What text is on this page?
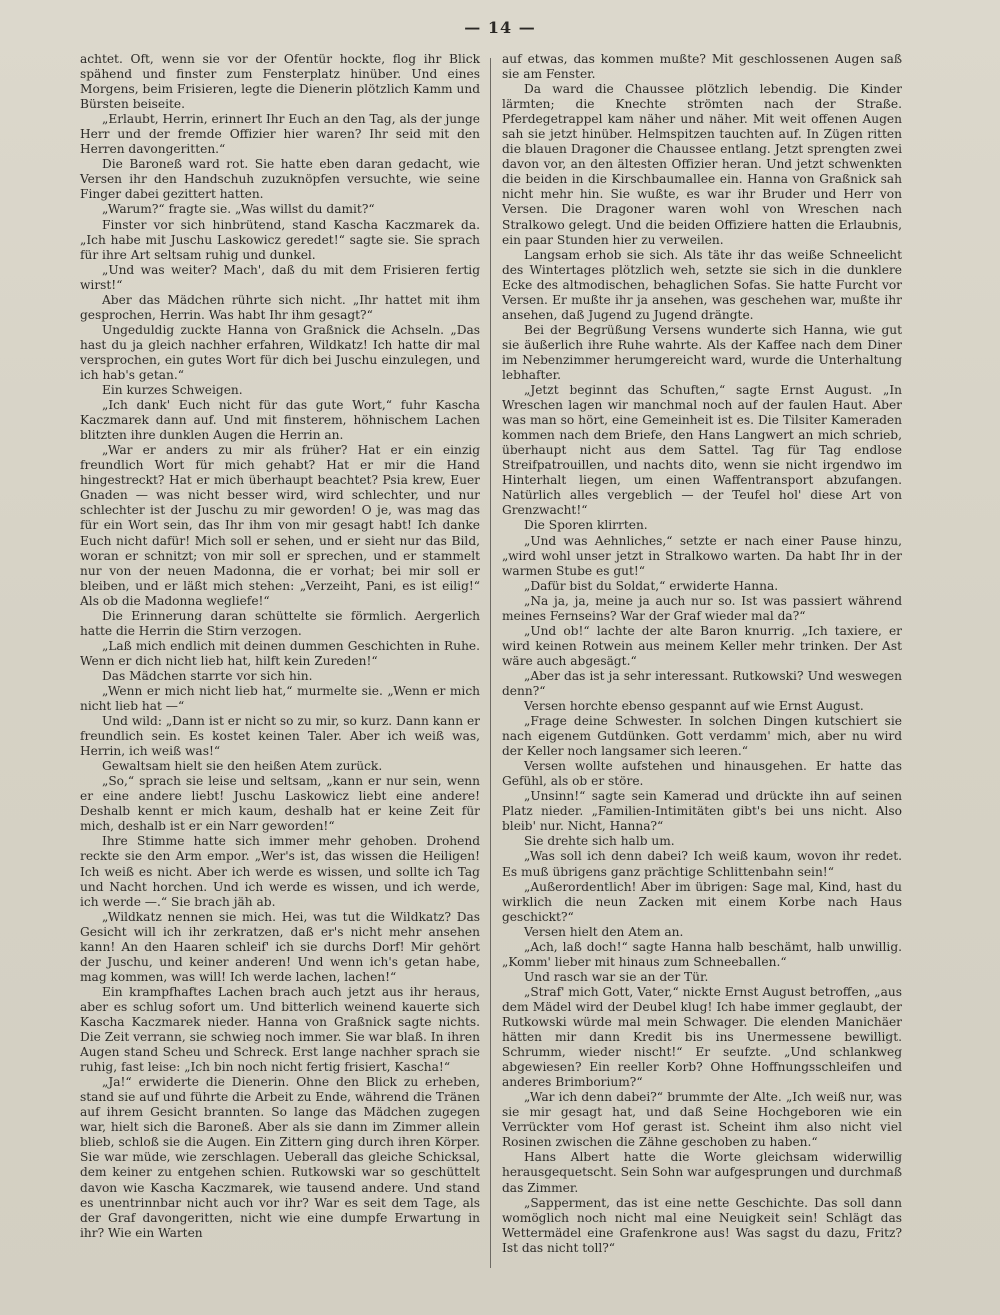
— 14 —

achtet. Oft, wenn sie vor der Ofentür hockte, flog ihr Blick spähend und finster zum Fensterplatz hinüber. Und eines Morgens, beim Frisieren, legte die Dienerin plötzlich Kamm und Bürsten beiseite.

„Erlaubt, Herrin, erinnert Ihr Euch an den Tag, als der junge Herr und der fremde Offizier hier waren? Ihr seid mit den Herren davongeritten.“

Die Baroneß ward rot. Sie hatte eben daran gedacht, wie Versen ihr den Handschuh zuzuknöpfen versuchte, wie seine Finger dabei gezittert hatten.

„Warum?“ fragte sie. „Was willst du damit?“

Finster vor sich hinbrütend, stand Kascha Kaczmarek da. „Ich habe mit Juschu Laskowicz geredet!“ sagte sie. Sie sprach für ihre Art seltsam ruhig und dunkel.

„Und was weiter? Mach', daß du mit dem Frisieren fertig wirst!“

Aber das Mädchen rührte sich nicht. „Ihr hattet mit ihm gesprochen, Herrin. Was habt Ihr ihm gesagt?“

Ungeduldig zuckte Hanna von Graßnick die Achseln. „Das hast du ja gleich nachher erfahren, Wildkatz! Ich hatte dir mal versprochen, ein gutes Wort für dich bei Juschu einzulegen, und ich hab's getan.“

Ein kurzes Schweigen.

„Ich dank' Euch nicht für das gute Wort,“ fuhr Kascha Kaczmarek dann auf. Und mit finsterem, höhnischem Lachen blitzten ihre dunklen Augen die Herrin an.

„War er anders zu mir als früher? Hat er ein einzig freundlich Wort für mich gehabt? Hat er mir die Hand hingestreckt? Hat er mich überhaupt beachtet? Psia krew, Euer Gnaden — was nicht besser wird, wird schlechter, und nur schlechter ist der Juschu zu mir geworden! O je, was mag das für ein Wort sein, das Ihr ihm von mir gesagt habt! Ich danke Euch nicht dafür! Mich soll er sehen, und er sieht nur das Bild, woran er schnitzt; von mir soll er sprechen, und er stammelt nur von der neuen Madonna, die er vorhat; bei mir soll er bleiben, und er läßt mich stehen: „Verzeiht, Pani, es ist eilig!“ Als ob die Madonna wegliefe!“

Die Erinnerung daran schüttelte sie förmlich. Aergerlich hatte die Herrin die Stirn verzogen.

„Laß mich endlich mit deinen dummen Geschichten in Ruhe. Wenn er dich nicht lieb hat, hilft kein Zureden!“

Das Mädchen starrte vor sich hin.

„Wenn er mich nicht lieb hat,“ murmelte sie. „Wenn er mich nicht lieb hat —“

Und wild: „Dann ist er nicht so zu mir, so kurz. Dann kann er freundlich sein. Es kostet keinen Taler. Aber ich weiß was, Herrin, ich weiß was!“

Gewaltsam hielt sie den heißen Atem zurück.

„So,“ sprach sie leise und seltsam, „kann er nur sein, wenn er eine andere liebt! Juschu Laskowicz liebt eine andere! Deshalb kennt er mich kaum, deshalb hat er keine Zeit für mich, deshalb ist er ein Narr geworden!“

Ihre Stimme hatte sich immer mehr gehoben. Drohend reckte sie den Arm empor. „Wer's ist, das wissen die Heiligen! Ich weiß es nicht. Aber ich werde es wissen, und sollte ich Tag und Nacht horchen. Und ich werde es wissen, und ich werde, ich werde —.“ Sie brach jäh ab.

„Wildkatz nennen sie mich. Hei, was tut die Wildkatz? Das Gesicht will ich ihr zerkratzen, daß er's nicht mehr ansehen kann! An den Haaren schleif' ich sie durchs Dorf! Mir gehört der Juschu, und keiner anderen! Und wenn ich's getan habe, mag kommen, was will! Ich werde lachen, lachen!“

Ein krampfhaftes Lachen brach auch jetzt aus ihr heraus, aber es schlug sofort um. Und bitterlich weinend kauerte sich Kascha Kaczmarek nieder. Hanna von Graßnick sagte nichts. Die Zeit verrann, sie schwieg noch immer. Sie war blaß. In ihren Augen stand Scheu und Schreck. Erst lange nachher sprach sie ruhig, fast leise: „Ich bin noch nicht fertig frisiert, Kascha!“

„Ja!“ erwiderte die Dienerin. Ohne den Blick zu erheben, stand sie auf und führte die Arbeit zu Ende, während die Tränen auf ihrem Gesicht brannten. So lange das Mädchen zugegen war, hielt sich die Baroneß. Aber als sie dann im Zimmer allein blieb, schloß sie die Augen. Ein Zittern ging durch ihren Körper. Sie war müde, wie zerschlagen. Ueberall das gleiche Schicksal, dem keiner zu entgehen schien. Rutkowski war so geschüttelt davon wie Kascha Kaczmarek, wie tausend andere. Und stand es unentrinnbar nicht auch vor ihr? War es seit dem Tage, als der Graf davongeritten, nicht wie eine dumpfe Erwartung in ihr? Wie ein Warten

auf etwas, das kommen mußte? Mit geschlossenen Augen saß sie am Fenster.

Da ward die Chaussee plötzlich lebendig. Die Kinder lärmten; die Knechte strömten nach der Straße. Pferdegetrappel kam näher und näher. Mit weit offenen Augen sah sie jetzt hinüber. Helmspitzen tauchten auf. In Zügen ritten die blauen Dragoner die Chaussee entlang. Jetzt sprengten zwei davon vor, an den ältesten Offizier heran. Und jetzt schwenkten die beiden in die Kirschbaumallee ein. Hanna von Graßnick sah nicht mehr hin. Sie wußte, es war ihr Bruder und Herr von Versen. Die Dragoner waren wohl von Wreschen nach Stralkowo gelegt. Und die beiden Offiziere hatten die Erlaubnis, ein paar Stunden hier zu verweilen.

Langsam erhob sie sich. Als täte ihr das weiße Schneelicht des Wintertages plötzlich weh, setzte sie sich in die dunklere Ecke des altmodischen, behaglichen Sofas. Sie hatte Furcht vor Versen. Er mußte ihr ja ansehen, was geschehen war, mußte ihr ansehen, daß Jugend zu Jugend drängte.

Bei der Begrüßung Versens wunderte sich Hanna, wie gut sie äußerlich ihre Ruhe wahrte. Als der Kaffee nach dem Diner im Nebenzimmer herumgereicht ward, wurde die Unterhaltung lebhafter.

„Jetzt beginnt das Schuften,“ sagte Ernst August. „In Wreschen lagen wir manchmal noch auf der faulen Haut. Aber was man so hört, eine Gemeinheit ist es. Die Tilsiter Kameraden kommen nach dem Briefe, den Hans Langwert an mich schrieb, überhaupt nicht aus dem Sattel. Tag für Tag endlose Streifpatrouillen, und nachts dito, wenn sie nicht irgendwo im Hinterhalt liegen, um einen Waffentransport abzufangen. Natürlich alles vergeblich — der Teufel hol' diese Art von Grenzwacht!“

Die Sporen klirrten.

„Und was Aehnliches,“ setzte er nach einer Pause hinzu, „wird wohl unser jetzt in Stralkowo warten. Da habt Ihr in der warmen Stube es gut!“

„Dafür bist du Soldat,“ erwiderte Hanna.

„Na ja, ja, meine ja auch nur so. Ist was passiert während meines Fernseins? War der Graf wieder mal da?“

„Und ob!“ lachte der alte Baron knurrig. „Ich taxiere, er wird keinen Rotwein aus meinem Keller mehr trinken. Der Ast wäre auch abgesägt.“

„Aber das ist ja sehr interessant. Rutkowski? Und weswegen denn?“

Versen horchte ebenso gespannt auf wie Ernst August.

„Frage deine Schwester. In solchen Dingen kutschiert sie nach eigenem Gutdünken. Gott verdamm' mich, aber nu wird der Keller noch langsamer sich leeren.“

Versen wollte aufstehen und hinausgehen. Er hatte das Gefühl, als ob er störe.

„Unsinn!“ sagte sein Kamerad und drückte ihn auf seinen Platz nieder. „Familien-Intimitäten gibt's bei uns nicht. Also bleib' nur. Nicht, Hanna?“

Sie drehte sich halb um.

„Was soll ich denn dabei? Ich weiß kaum, wovon ihr redet. Es muß übrigens ganz prächtige Schlittenbahn sein!“

„Außerordentlich! Aber im übrigen: Sage mal, Kind, hast du wirklich die neun Zacken mit einem Korbe nach Haus geschickt?“

Versen hielt den Atem an.

„Ach, laß doch!“ sagte Hanna halb beschämt, halb unwillig. „Komm' lieber mit hinaus zum Schneeballen.“

Und rasch war sie an der Tür.

„Straf' mich Gott, Vater,“ nickte Ernst August betroffen, „aus dem Mädel wird der Deubel klug! Ich habe immer geglaubt, der Rutkowski würde mal mein Schwager. Die elenden Manichäer hätten mir dann Kredit bis ins Unermessene bewilligt. Schrumm, wieder nischt!“ Er seufzte. „Und schlankweg abgewiesen? Ein reeller Korb? Ohne Hoffnungsschleifen und anderes Brimborium?“

„War ich denn dabei?“ brummte der Alte. „Ich weiß nur, was sie mir gesagt hat, und daß Seine Hochgeboren wie ein Verrückter vom Hof gerast ist. Scheint ihm also nicht viel Rosinen zwischen die Zähne geschoben zu haben.“

Hans Albert hatte die Worte gleichsam widerwillig herausgequetscht. Sein Sohn war aufgesprungen und durchmaß das Zimmer.

„Sapperment, das ist eine nette Geschichte. Das soll dann womöglich noch nicht mal eine Neuigkeit sein! Schlägt das Wettermädel eine Grafenkrone aus! Was sagst du dazu, Fritz? Ist das nicht toll?“
